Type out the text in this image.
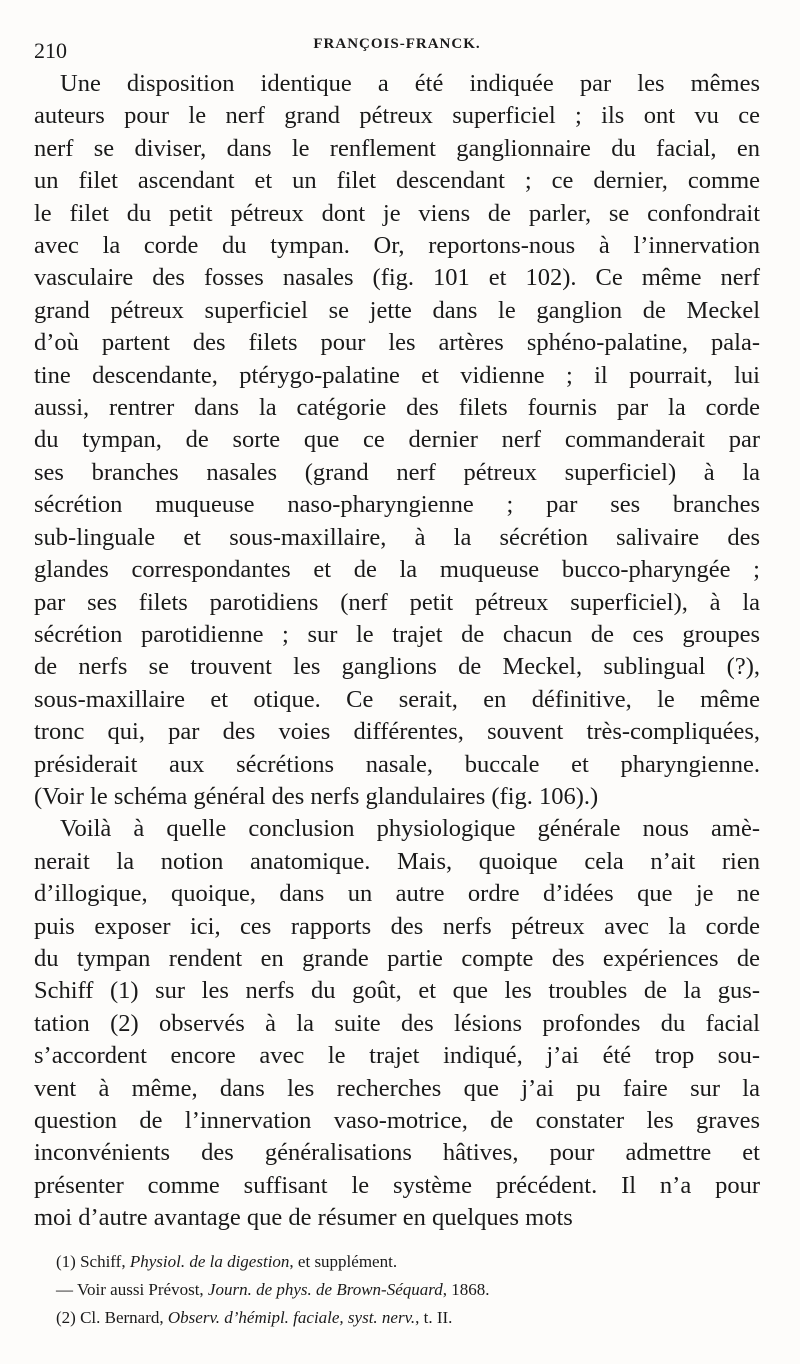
210	FRANÇOIS-FRANCK.

Une disposition identique a été indiquée par les mêmes
auteurs pour le nerf grand pétreux superficiel ; ils ont vu ce
nerf se diviser, dans le renflement ganglionnaire du facial, en
un filet ascendant et un filet descendant ; ce dernier, comme
le filet du petit pétreux dont je viens de parler, se confondrait
avec la corde du tympan. Or, reportons-nous à l’innervation
vasculaire des fosses nasales (fig. 101 et 102). Ce même nerf
grand pétreux superficiel se jette dans le ganglion de Meckel
d’où partent des filets pour les artères sphéno-palatine, pala-
tine descendante, ptérygo-palatine et vidienne ; il pourrait, lui
aussi, rentrer dans la catégorie des filets fournis par la corde
du tympan, de sorte que ce dernier nerf commanderait par
ses branches nasales (grand nerf pétreux superficiel) à la
sécrétion muqueuse naso-pharyngienne ; par ses branches
sub-linguale et sous-maxillaire, à la sécrétion salivaire des
glandes correspondantes et de la muqueuse bucco-pharyngée ;
par ses filets parotidiens (nerf petit pétreux superficiel), à la
sécrétion parotidienne ; sur le trajet de chacun de ces groupes
de nerfs se trouvent les ganglions de Meckel, sublingual (?),
sous-maxillaire et otique. Ce serait, en définitive, le même
tronc qui, par des voies différentes, souvent très-compliquées,
présiderait aux sécrétions nasale, buccale et pharyngienne.
(Voir le schéma général des nerfs glandulaires (fig. 106).)

Voilà à quelle conclusion physiologique générale nous amè-
nerait la notion anatomique. Mais, quoique cela n’ait rien
d’illogique, quoique, dans un autre ordre d’idées que je ne
puis exposer ici, ces rapports des nerfs pétreux avec la corde
du tympan rendent en grande partie compte des expériences de
Schiff (1) sur les nerfs du goût, et que les troubles de la gus-
tation (2) observés à la suite des lésions profondes du facial
s’accordent encore avec le trajet indiqué, j’ai été trop sou-
vent à même, dans les recherches que j’ai pu faire sur la
question de l’innervation vaso-motrice, de constater les graves
inconvénients des généralisations hâtives, pour admettre et
présenter comme suffisant le système précédent. Il n’a pour
moi d’autre avantage que de résumer en quelques mots

(1) Schiff, Physiol. de la digestion, et supplément.
— Voir aussi Prévost, Journ. de phys. de Brown-Séquard, 1868.
(2) Cl. Bernard, Observ. d’hémipl. faciale, syst. nerv., t. II.
